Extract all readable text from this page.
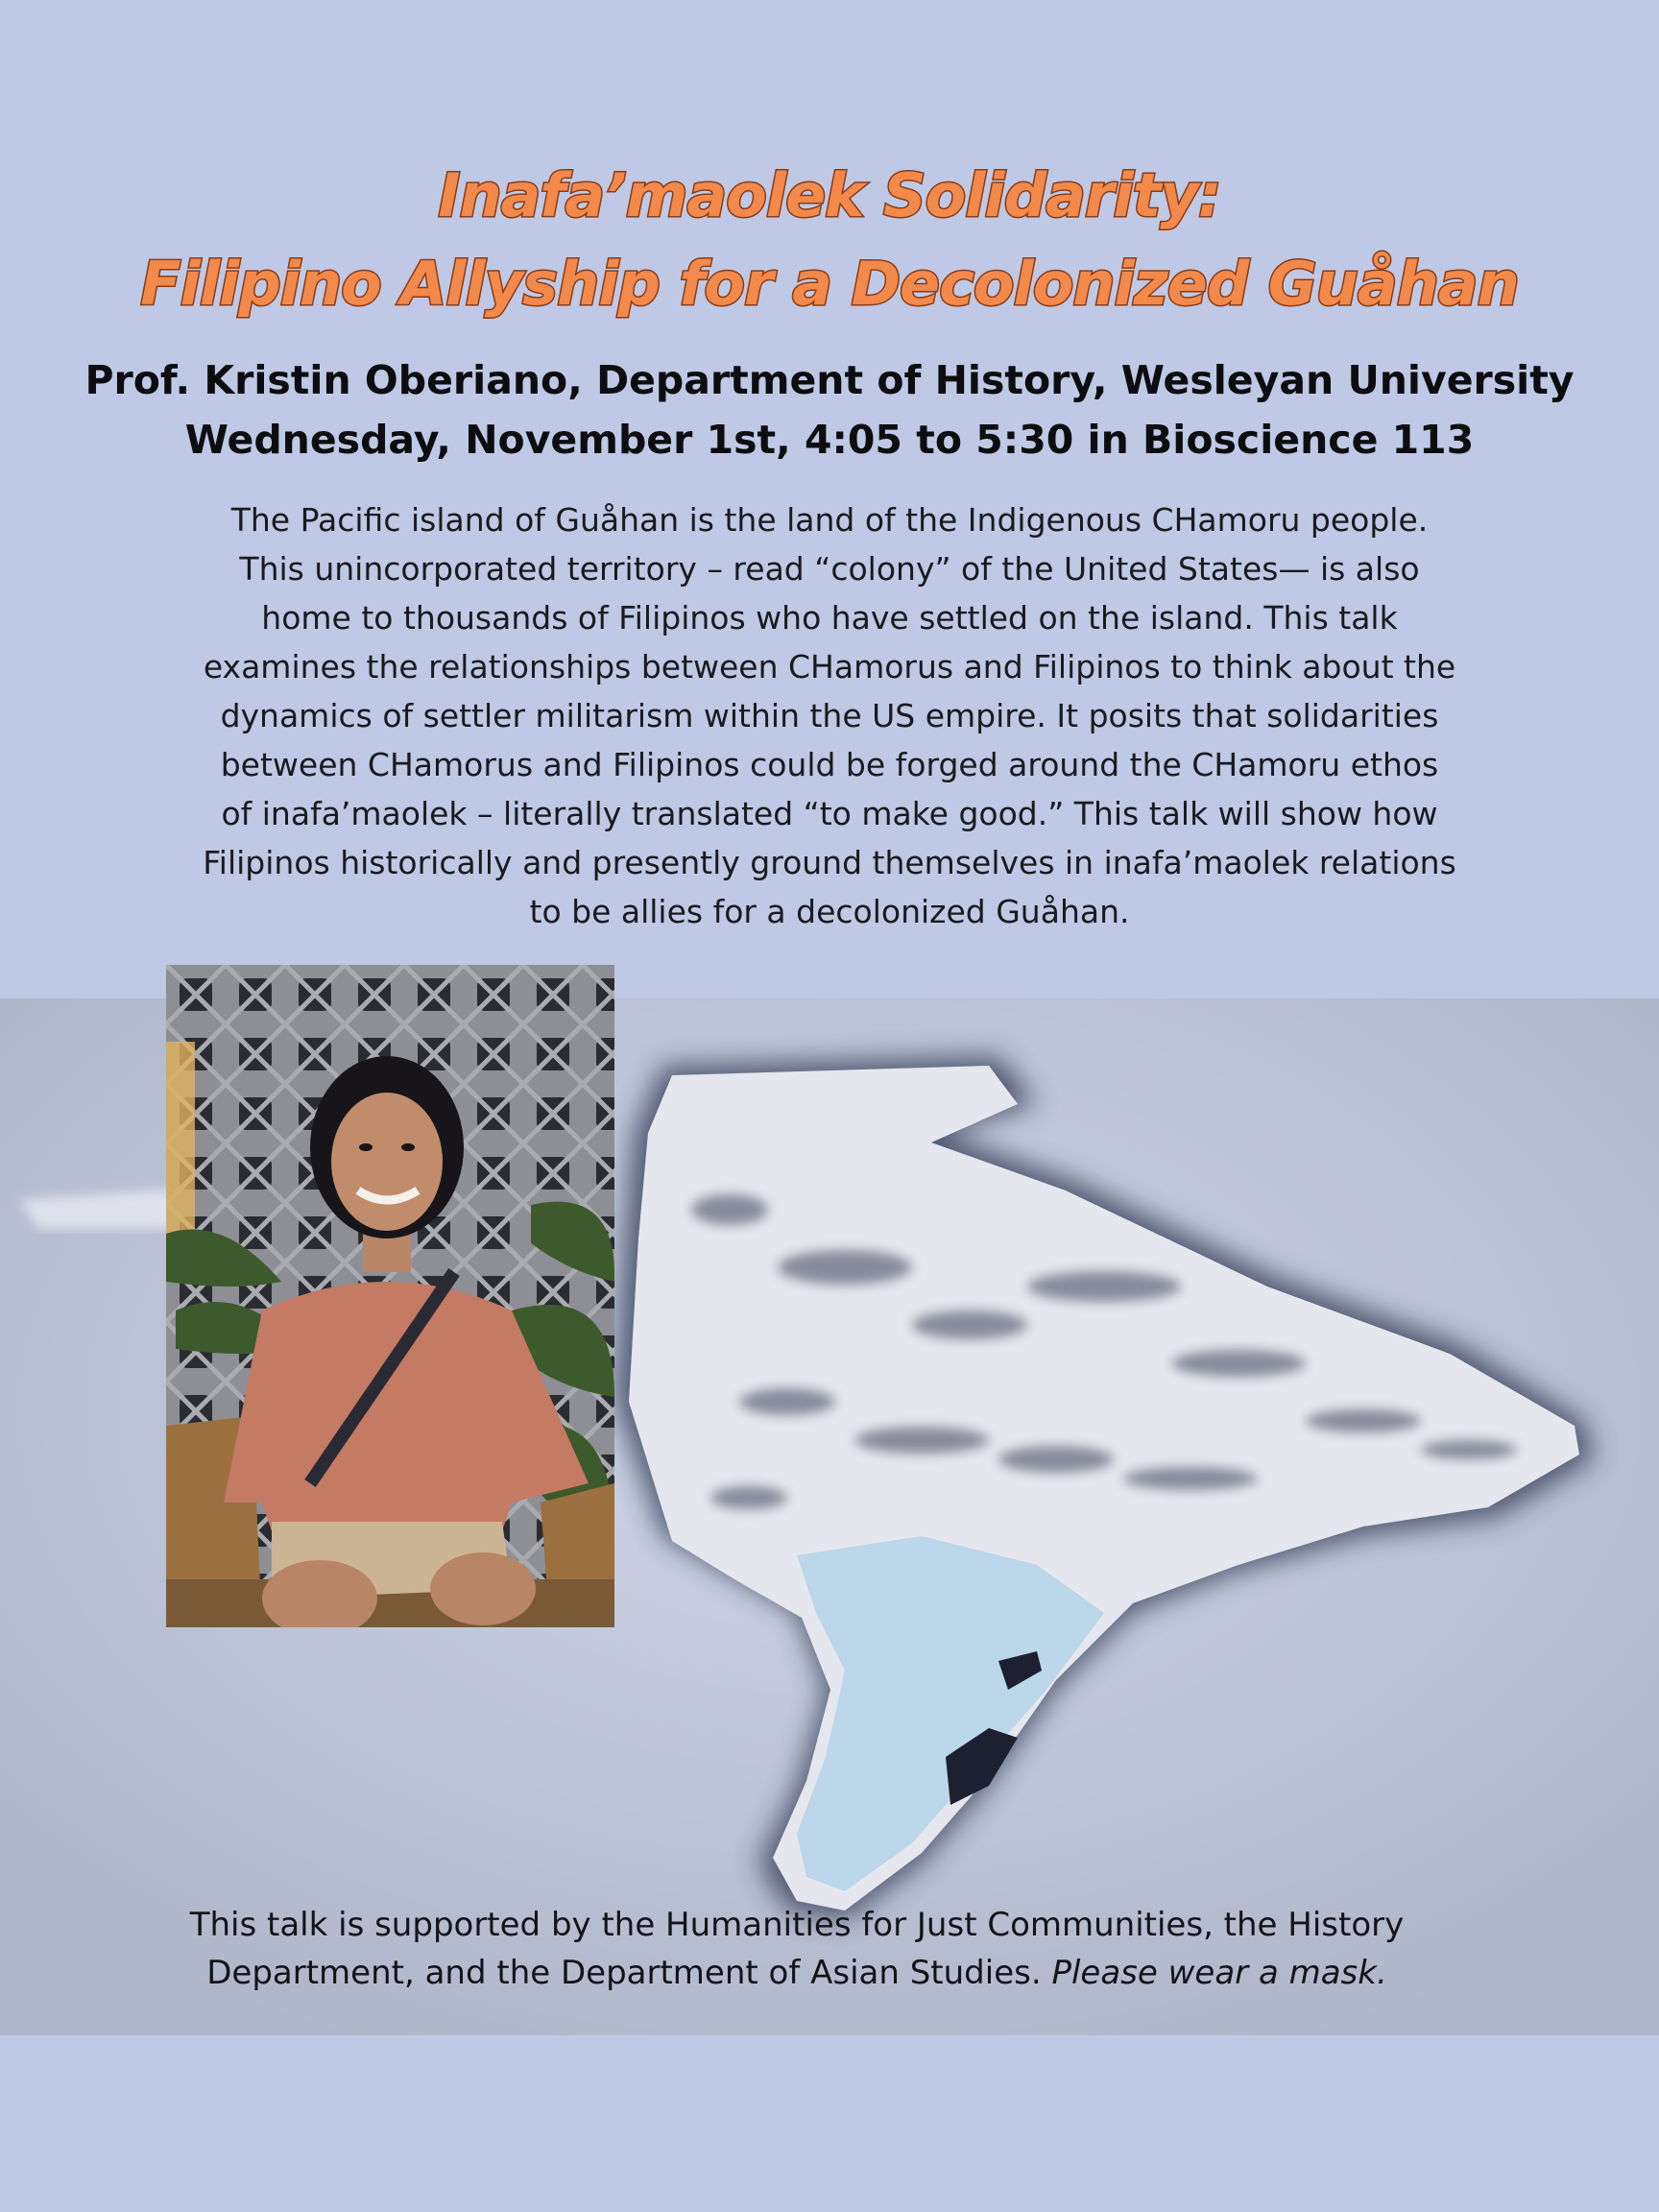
Inafa’maolek Solidarity:
Filipino Allyship for a Decolonized Guåhan
Prof. Kristin Oberiano, Department of History, Wesleyan University
Wednesday, November 1st, 4:05 to 5:30 in Bioscience 113
The Pacific island of Guåhan is the land of the Indigenous CHamoru people.
This unincorporated territory – read “colony” of the United States— is also
home to thousands of Filipinos who have settled on the island. This talk
examines the relationships between CHamorus and Filipinos to think about the
dynamics of settler militarism within the US empire. It posits that solidarities
between CHamorus and Filipinos could be forged around the CHamoru ethos
of inafa’maolek – literally translated “to make good.” This talk will show how
Filipinos historically and presently ground themselves in inafa’maolek relations
to be allies for a decolonized Guåhan.
This talk is supported by the Humanities for Just Communities, the History
Department, and the Department of Asian Studies. Please wear a mask.
